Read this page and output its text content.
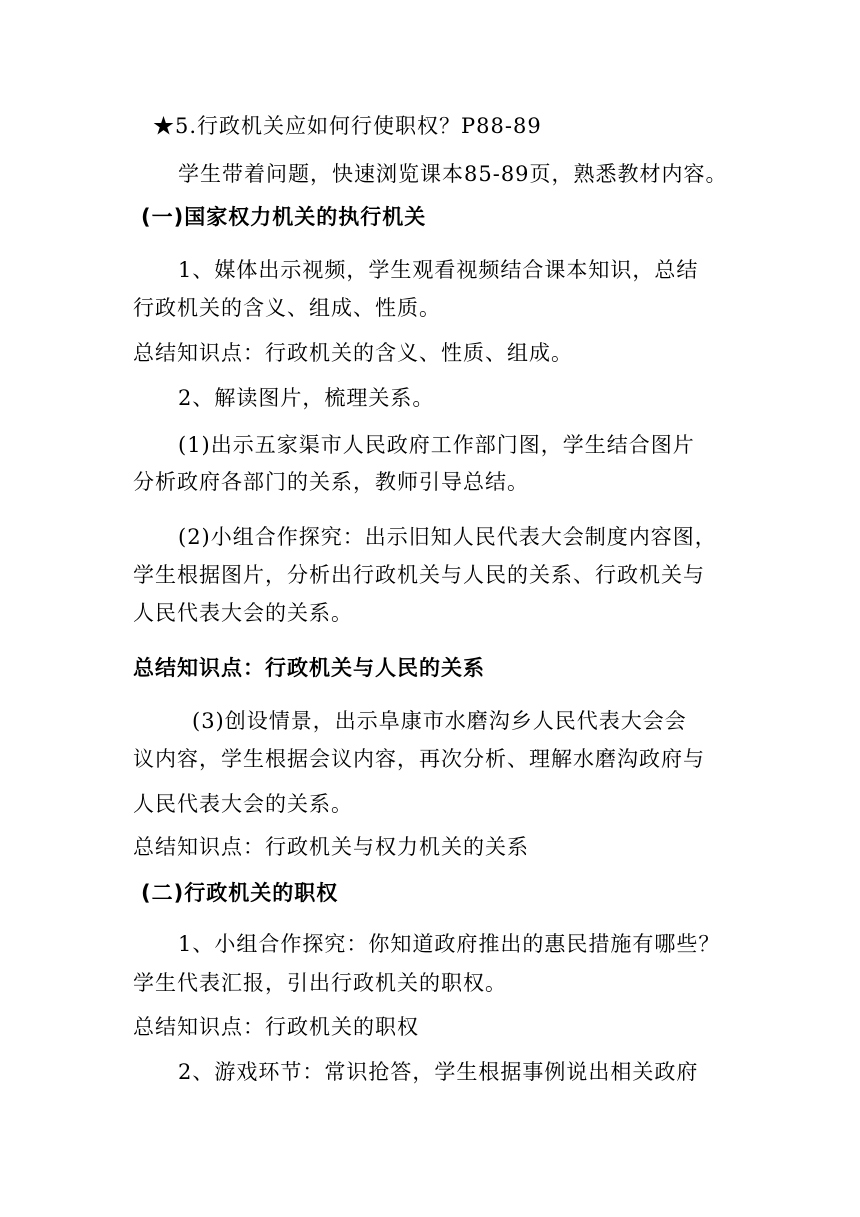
★5.行政机关应如何行使职权？P88-89
学生带着问题，快速浏览课本85-89页，熟悉教材内容。
(一)国家权力机关的执行机关
1、媒体出示视频，学生观看视频结合课本知识，总结
行政机关的含义、组成、性质。
总结知识点：行政机关的含义、性质、组成。
2、解读图片，梳理关系。
(1)出示五家渠市人民政府工作部门图，学生结合图片
分析政府各部门的关系，教师引导总结。
(2)小组合作探究：出示旧知人民代表大会制度内容图，
学生根据图片，分析出行政机关与人民的关系、行政机关与
人民代表大会的关系。
总结知识点：行政机关与人民的关系
(3)创设情景，出示阜康市水磨沟乡人民代表大会会
议内容，学生根据会议内容，再次分析、理解水磨沟政府与
人民代表大会的关系。
总结知识点：行政机关与权力机关的关系
(二)行政机关的职权
1、小组合作探究：你知道政府推出的惠民措施有哪些？
学生代表汇报，引出行政机关的职权。
总结知识点：行政机关的职权
2、游戏环节：常识抢答，学生根据事例说出相关政府
